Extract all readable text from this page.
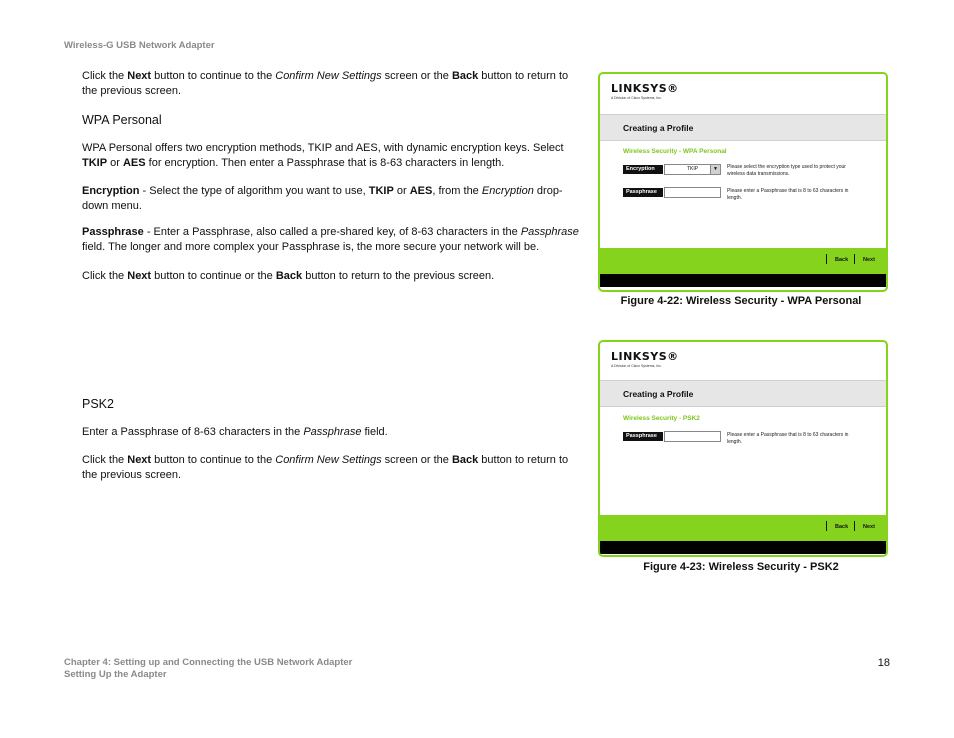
Wireless-G USB Network Adapter
Click the Next button to continue to the Confirm New Settings screen or the Back button to return to the previous screen.
WPA Personal
WPA Personal offers two encryption methods, TKIP and AES, with dynamic encryption keys. Select TKIP or AES for encryption. Then enter a Passphrase that is 8-63 characters in length.
Encryption - Select the type of algorithm you want to use, TKIP or AES, from the Encryption drop-down menu.
Passphrase - Enter a Passphrase, also called a pre-shared key, of 8-63 characters in the Passphrase field. The longer and more complex your Passphrase is, the more secure your network will be.
Click the Next button to continue or the Back button to return to the previous screen.
PSK2
Enter a Passphrase of 8-63 characters in the Passphrase field.
Click the Next button to continue to the Confirm New Settings screen or the Back button to return to the previous screen.
LINKSYS®
A Division of Cisco Systems, Inc.
Creating a Profile
Wireless Security - WPA Personal
Encryption	TKIP	▼	Please select the encryption type used to protect your wireless data transmissions.
Passphrase	Please enter a Passphrase that is 8 to 63 characters in length.
Back	Next
Figure 4-22: Wireless Security - WPA Personal
LINKSYS®
A Division of Cisco Systems, Inc.
Creating a Profile
Wireless Security - PSK2
Passphrase	Please enter a Passphrase that is 8 to 63 characters in length.
Back	Next
Figure 4-23: Wireless Security - PSK2
Chapter 4: Setting up and Connecting the USB Network Adapter
Setting Up the Adapter
18
